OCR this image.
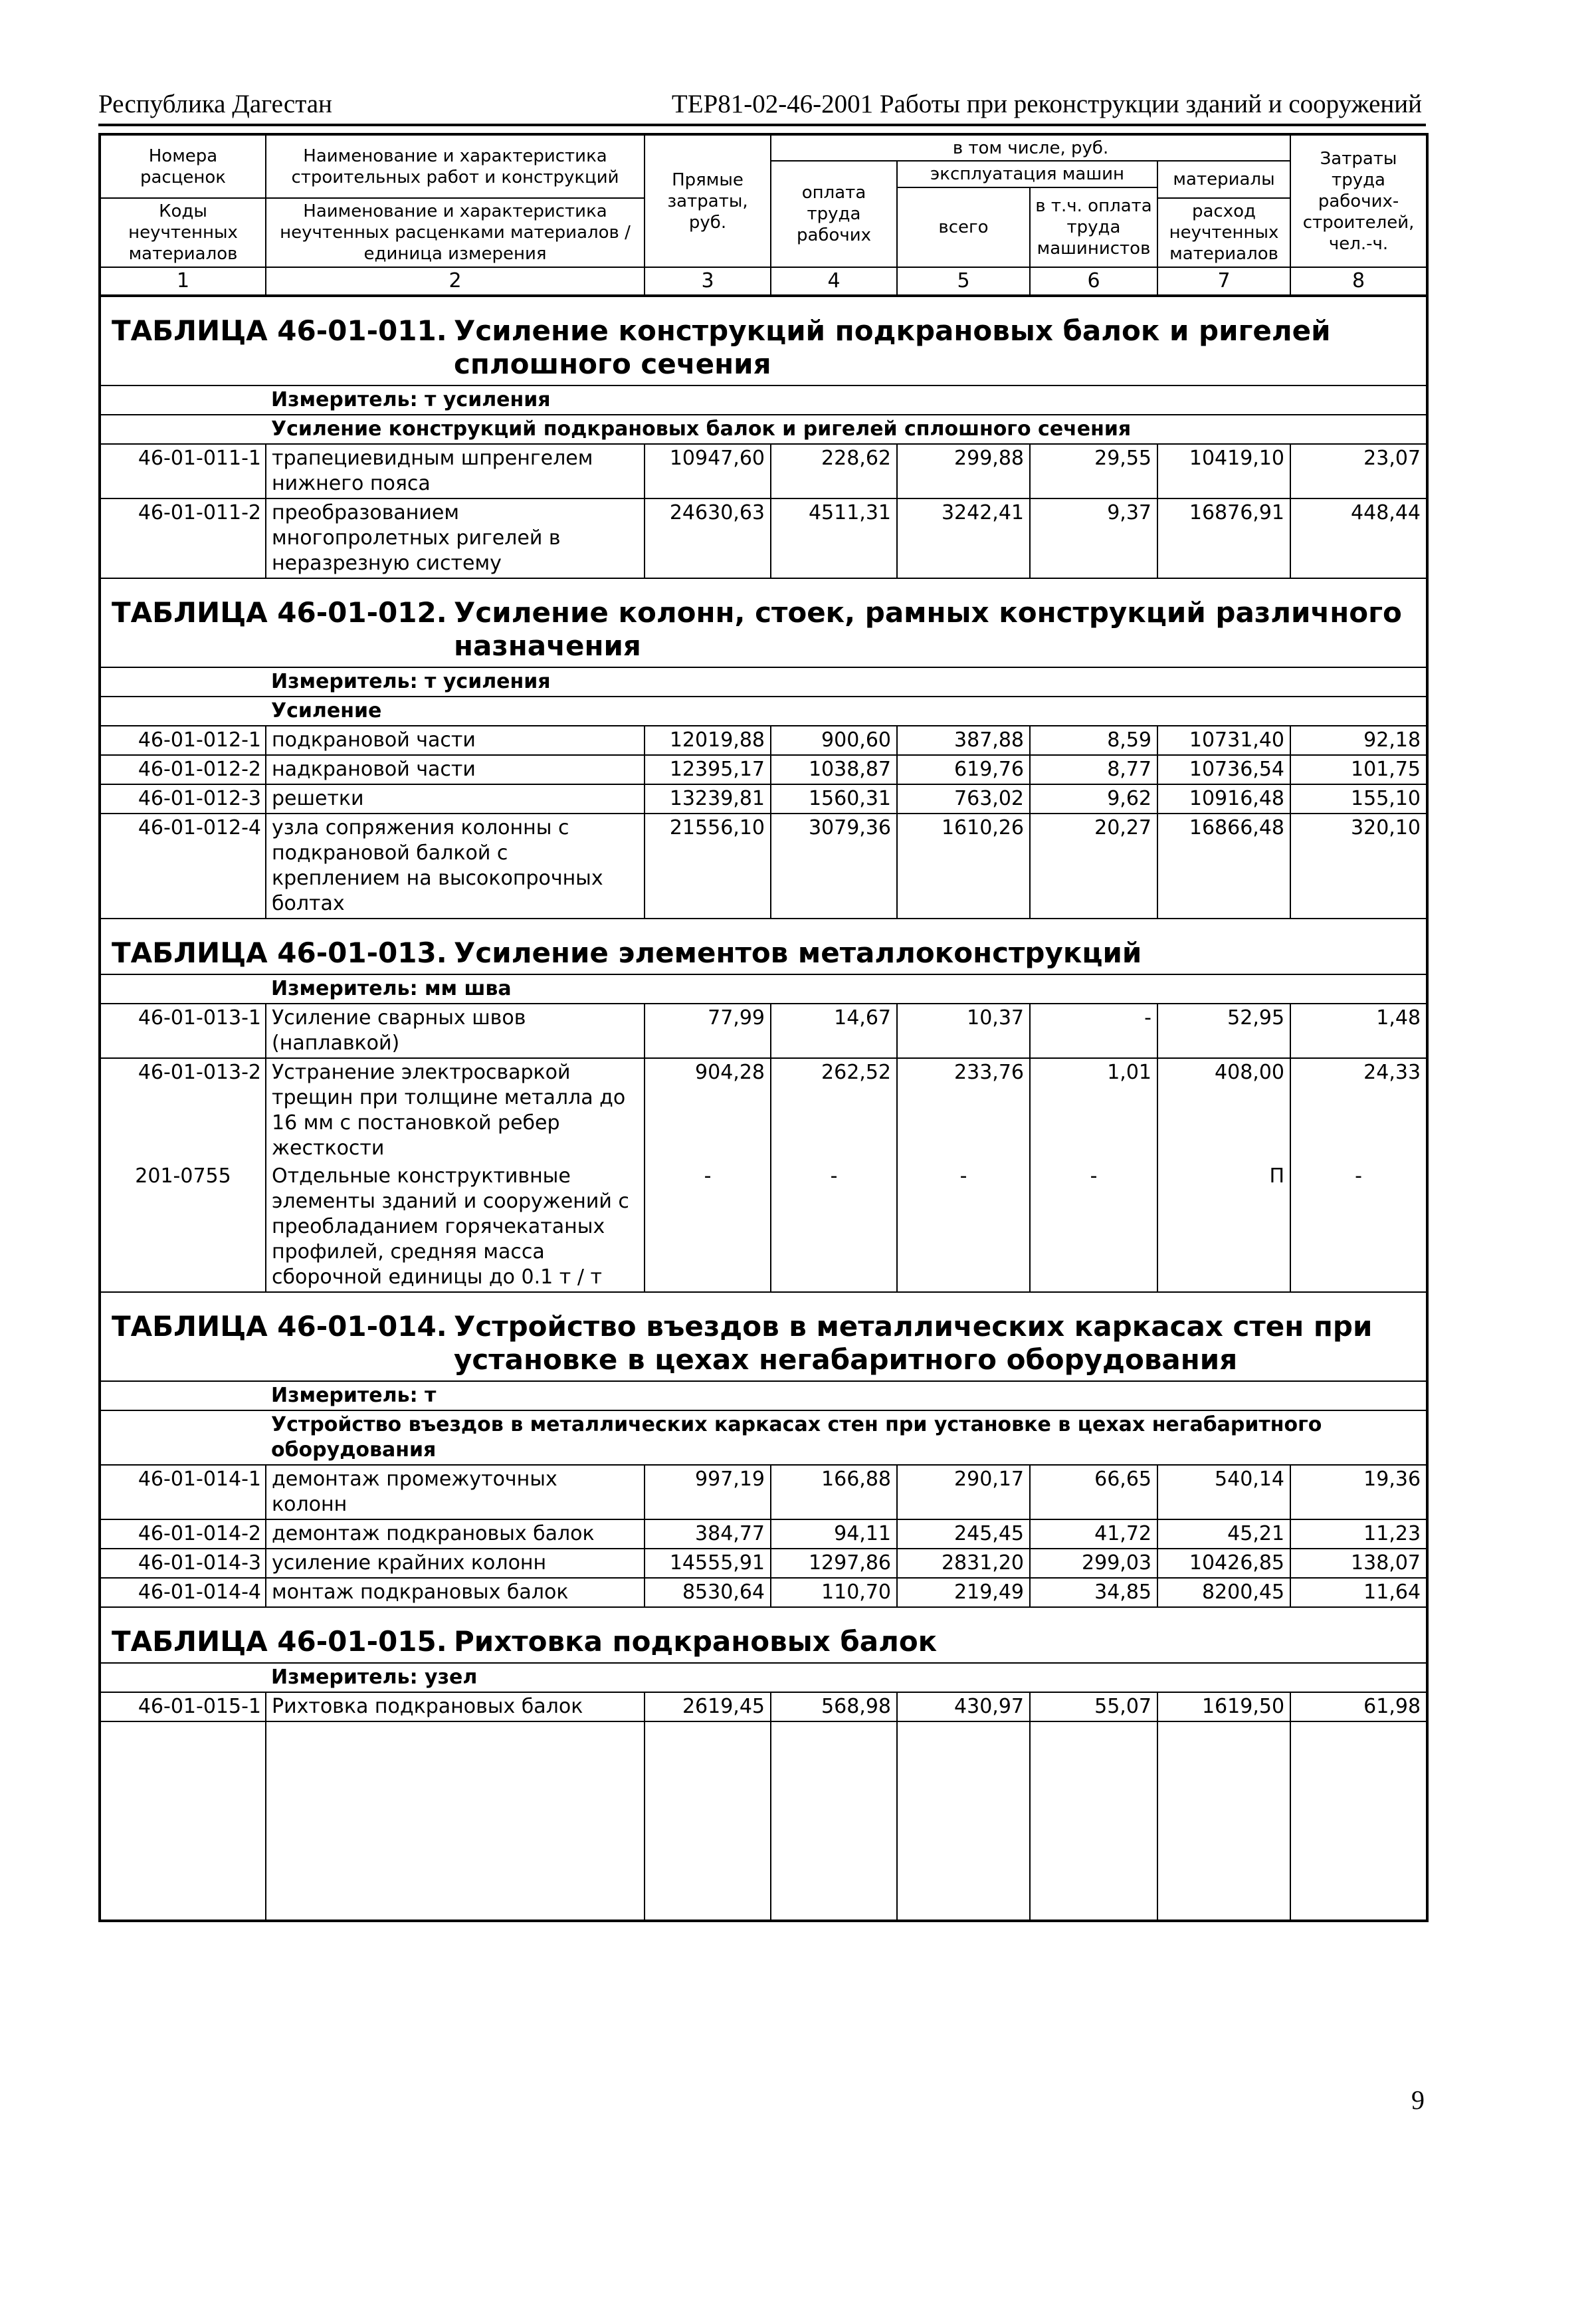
Республика Дагестан	ТЕР81-02-46-2001 Работы при реконструкции зданий и сооружений
Номера расценок	Наименование и характеристика строительных работ и конструкций	Прямые затраты, руб.	в том числе, руб.				Затраты труда рабочих-строителей, чел.-ч.
			оплата труда рабочих	эксплуатация машин		материалы	
				всего	в т.ч. оплата труда машинистов		
Коды неучтенных материалов	Наименование и характеристика неучтенных расценками материалов / единица измерения					расход неучтенных материалов	

1	2	3	4	5	6	7	8

ТАБЛИЦА 46-01-011. Усиление конструкций подкрановых балок и ригелей сплошного сечения							

	Измеритель: т усиления						
	Усиление конструкций подкрановых балок и ригелей сплошного сечения						
46-01-011-1	трапециевидным шпренгелем нижнего пояса	10947,60	228,62	299,88	29,55	10419,10	23,07
46-01-011-2	преобразованием многопролетных ригелей в неразрезную систему	24630,63	4511,31	3242,41	9,37	16876,91	448,44

ТАБЛИЦА 46-01-012. Усиление колонн, стоек, рамных конструкций различного назначения							

	Измеритель: т усиления						
	Усиление						
46-01-012-1	подкрановой части	12019,88	900,60	387,88	8,59	10731,40	92,18
46-01-012-2	надкрановой части	12395,17	1038,87	619,76	8,77	10736,54	101,75
46-01-012-3	решетки	13239,81	1560,31	763,02	9,62	10916,48	155,10
46-01-012-4	узла сопряжения колонны с подкрановой балкой с креплением на высокопрочных болтах	21556,10	3079,36	1610,26	20,27	16866,48	320,10

ТАБЛИЦА 46-01-013. Усиление элементов металлоконструкций							

	Измеритель: мм шва						
46-01-013-1	Усиление сварных швов (наплавкой)	77,99	14,67	10,37	-	52,95	1,48
46-01-013-2	Устранение электросваркой трещин при толщине металла до 16 мм с постановкой ребер жесткости	904,28	262,52	233,76	1,01	408,00	24,33
201-0755	Отдельные конструктивные элементы зданий и сооружений с преобладанием горячекатаных профилей, средняя масса сборочной единицы до 0.1 т / т	-	-	-	-	П	-

ТАБЛИЦА 46-01-014. Устройство въездов в металлических каркасах стен при установке в цехах негабаритного оборудования							

	Измеритель: т						
	Устройство въездов в металлических каркасах стен при установке в цехах негабаритного оборудования						
46-01-014-1	демонтаж промежуточных колонн	997,19	166,88	290,17	66,65	540,14	19,36
46-01-014-2	демонтаж подкрановых балок	384,77	94,11	245,45	41,72	45,21	11,23
46-01-014-3	усиление крайних колонн	14555,91	1297,86	2831,20	299,03	10426,85	138,07
46-01-014-4	монтаж подкрановых балок	8530,64	110,70	219,49	34,85	8200,45	11,64

ТАБЛИЦА 46-01-015. Рихтовка подкрановых балок							

	Измеритель: узел						
46-01-015-1	Рихтовка подкрановых балок	2619,45	568,98	430,97	55,07	1619,50	61,98

9
